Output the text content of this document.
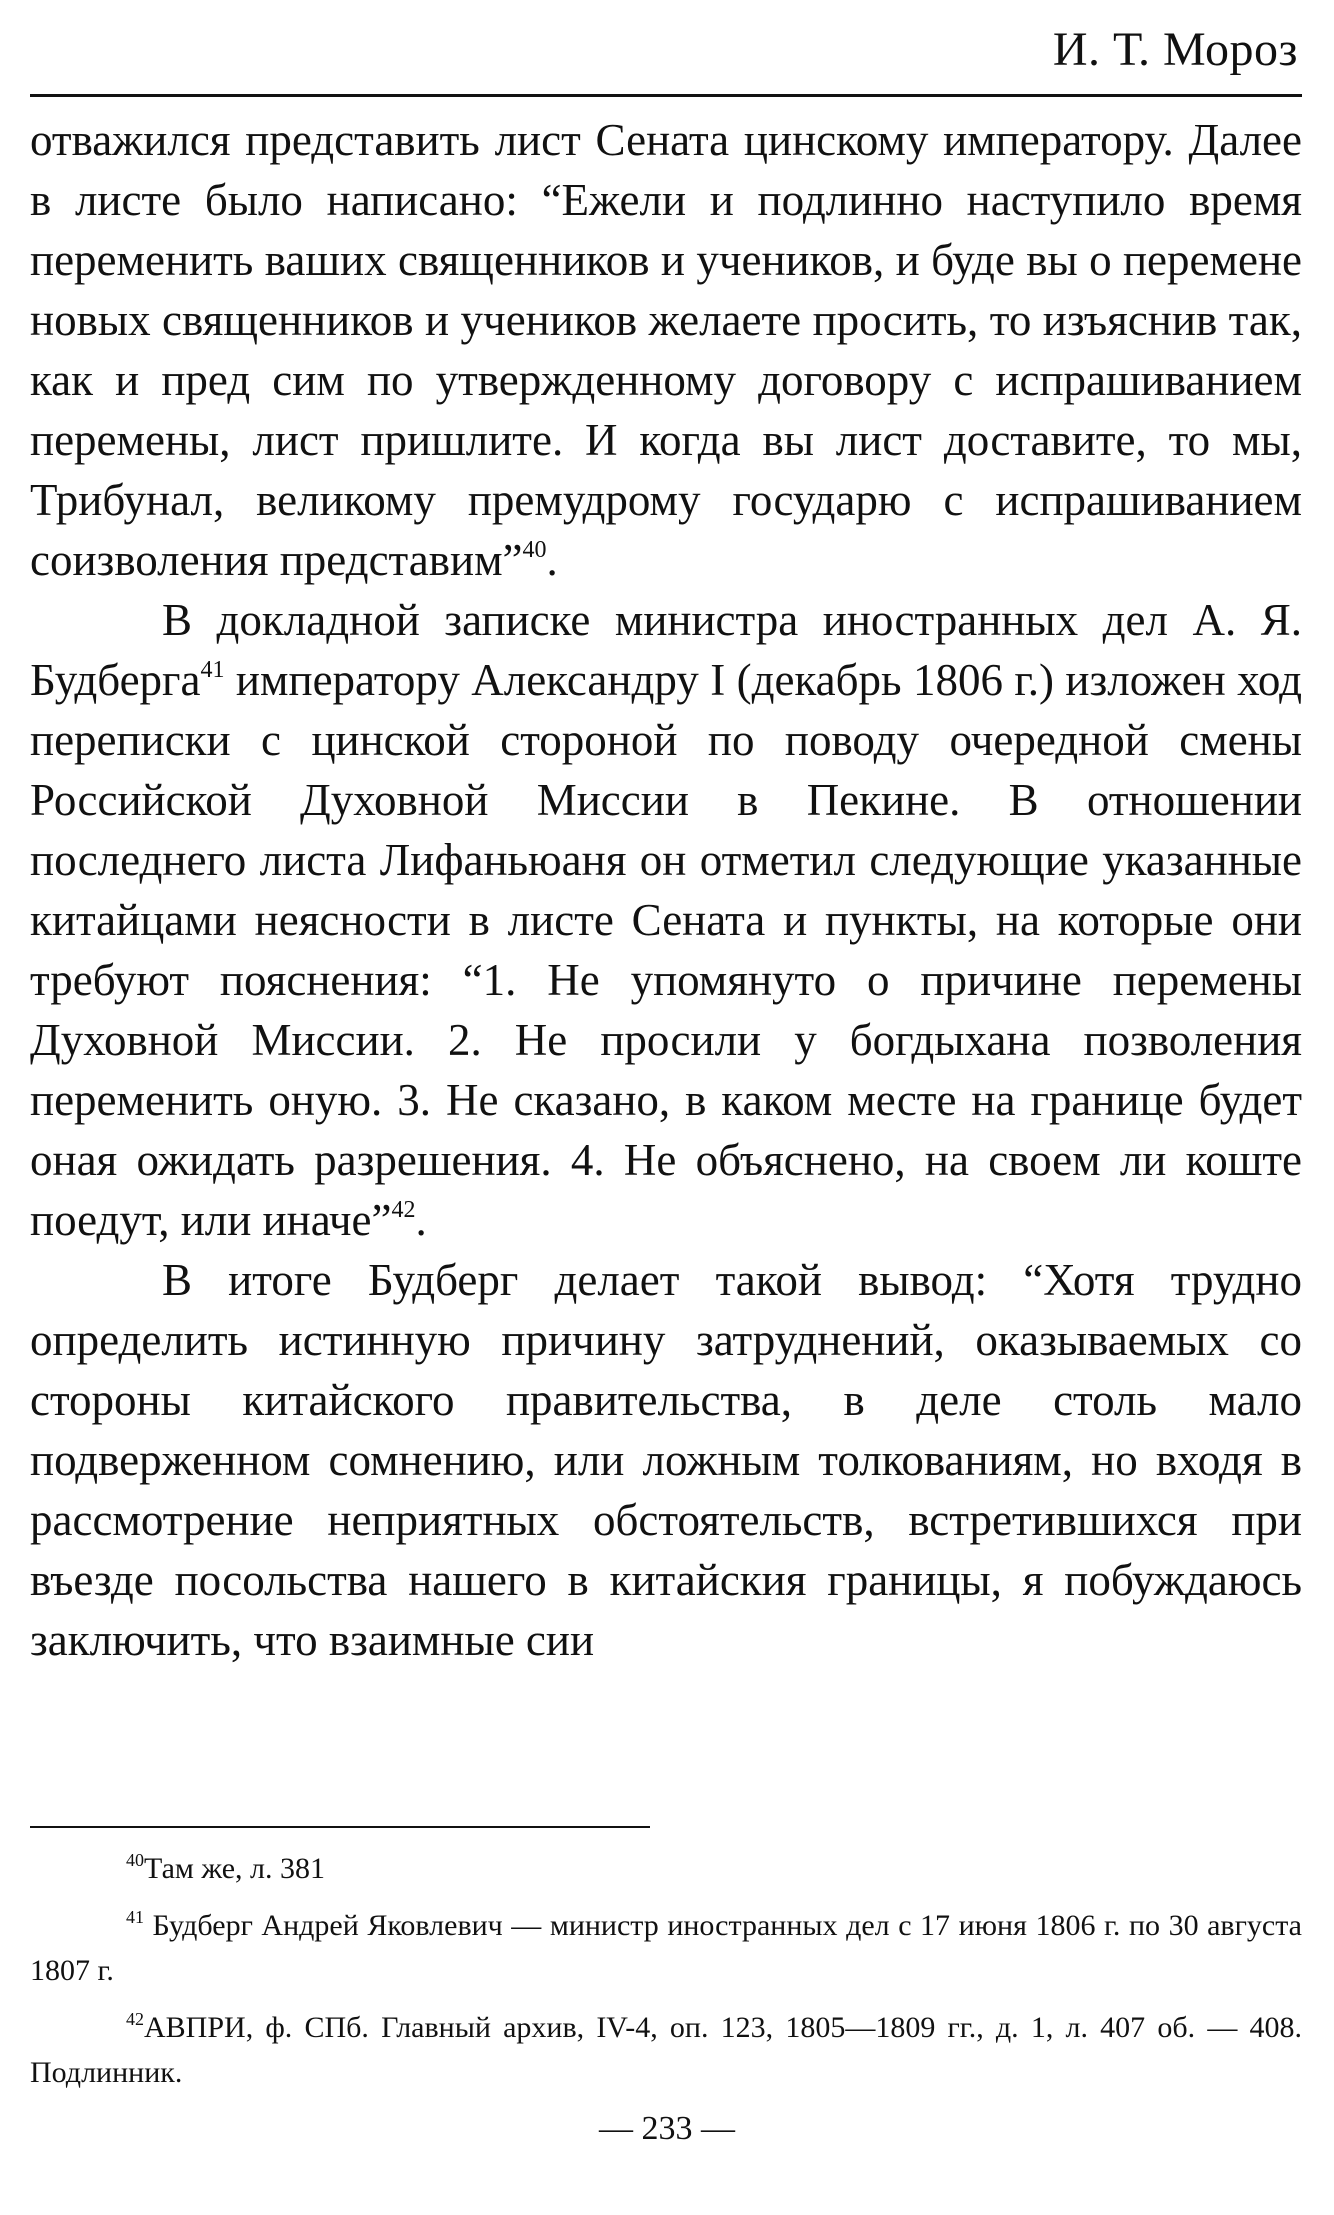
И. Т. Мороз

отважился представить лист Сената цинскому императору. Далее в листе было написано: “Ежели и подлинно наступило время переменить ваших священников и учеников, и буде вы о перемене новых священников и учеников желаете просить, то изъяснив так, как и пред сим по утвержденному договору с испрашиванием перемены, лист пришлите. И когда вы лист доставите, то мы, Трибунал, великому премудрому государю с испрашиванием соизволения представим”$^{40}$.

В докладной записке министра иностранных дел А. Я. Будберга$^{41}$ императору Александру I (декабрь 1806 г.) изложен ход переписки с цинской стороной по поводу очередной смены Российской Духовной Миссии в Пекине. В отношении последнего листа Лифаньюаня он отметил следующие указанные китайцами неясности в листе Сената и пункты, на которые они требуют пояснения: “1. Не упомянуто о причине перемены Духовной Миссии. 2. Не просили у богдыхана позволения переменить оную. 3. Не сказано, в каком месте на границе будет оная ожидать разрешения. 4. Не объяснено, на своем ли коште поедут, или иначе”$^{42}$.

В итоге Будберг делает такой вывод: “Хотя трудно определить истинную причину затруднений, оказываемых со стороны китайского правительства, в деле столь мало подверженном сомнению, или ложным толкованиям, но входя в рассмотрение неприятных обстоятельств, встретившихся при въезде посольства нашего в китайския границы, я побуждаюсь заключить, что взаимные сии

$^{40}$Там же, л. 381

$^{41}$ Будберг Андрей Яковлевич — министр иностранных дел с 17 июня 1806 г. по 30 августа 1807 г.

$^{42}$АВПРИ, ф. СПб. Главный архив, IV-4, оп. 123, 1805—1809 гг., д. 1, л. 407 об. — 408. Подлинник.

— 233 —
